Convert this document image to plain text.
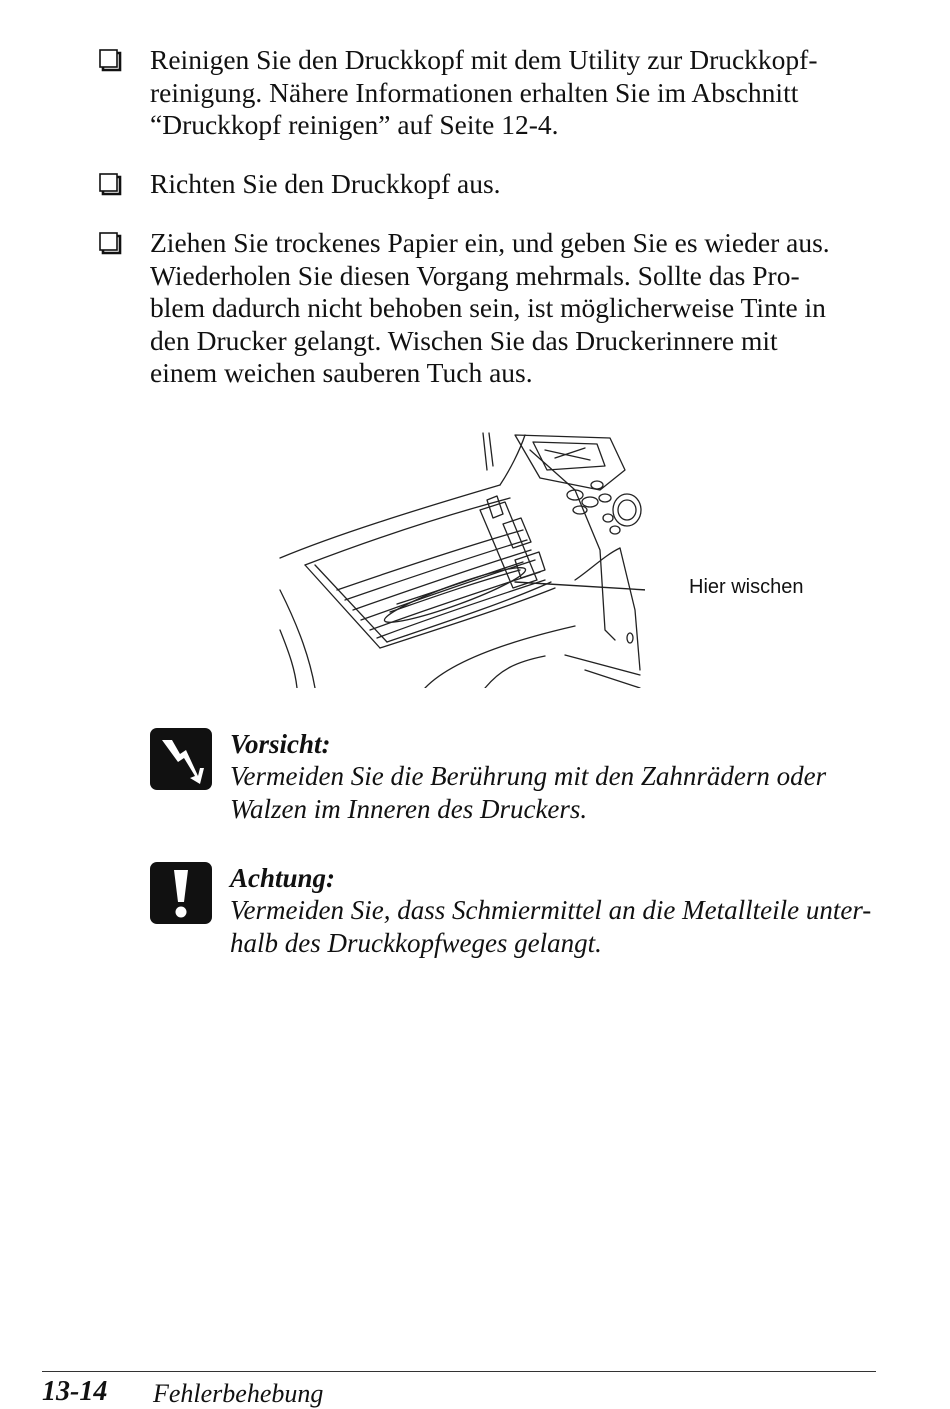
Reinigen Sie den Druckkopf mit dem Utility zur Druckkopf-
reinigung. Nähere Informationen erhalten Sie im Abschnitt
“Druckkopf reinigen” auf Seite 12-4.
Richten Sie den Druckkopf aus.
Ziehen Sie trockenes Papier ein, und geben Sie es wieder aus.
Wiederholen Sie diesen Vorgang mehrmals. Sollte das Pro-
blem dadurch nicht behoben sein, ist möglicherweise Tinte in
den Drucker gelangt. Wischen Sie das Druckerinnere mit
einem weichen sauberen Tuch aus.
Hier wischen
Vorsicht:
Vermeiden Sie die Berührung mit den Zahnrädern oder
Walzen im Inneren des Druckers.
Achtung:
Vermeiden Sie, dass Schmiermittel an die Metallteile unter-
halb des Druckkopfweges gelangt.
13-14 Fehlerbehebung
